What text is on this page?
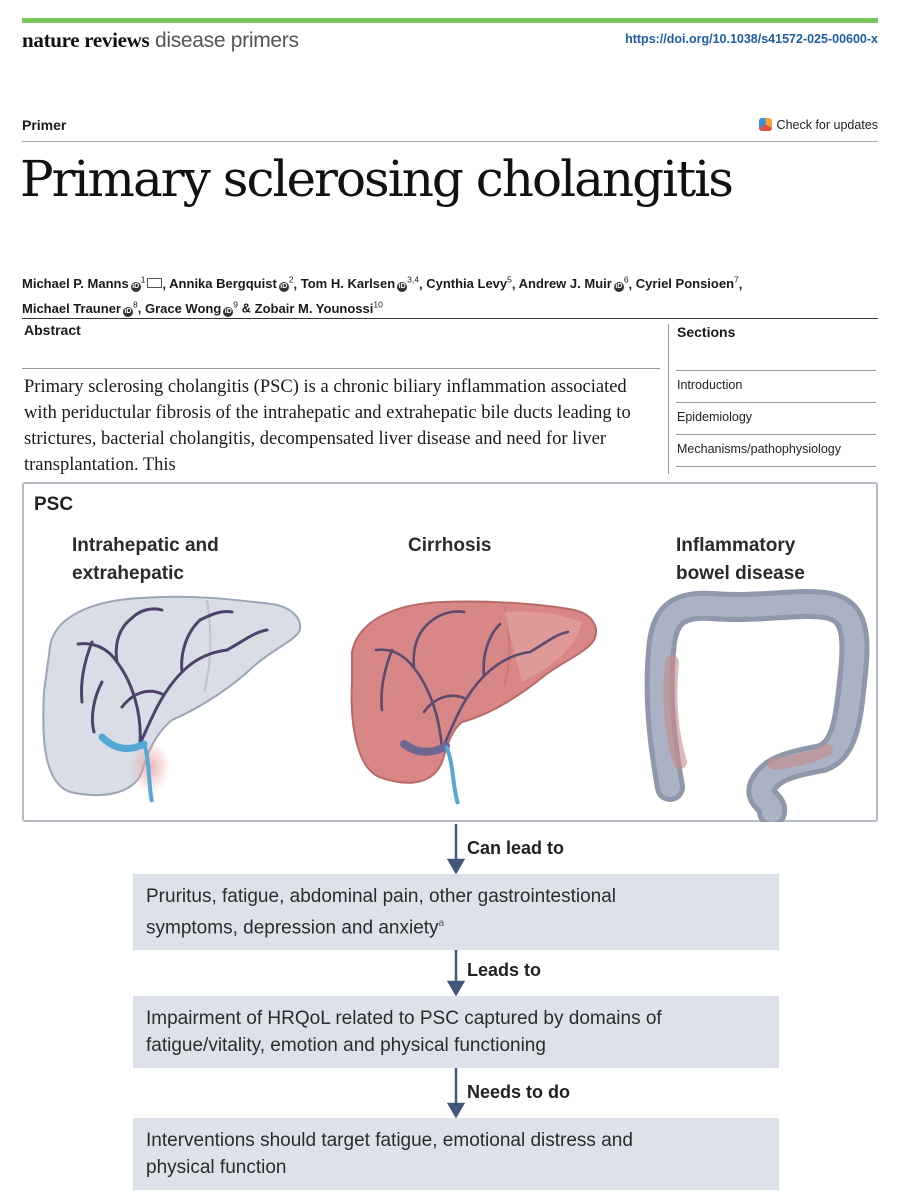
nature reviews disease primers	https://doi.org/10.1038/s41572-025-00600-x
Primer	Check for updates
Primary sclerosing cholangitis
Michael P. Manns $iD^1$ , Annika Bergquist $iD^2$, Tom H. Karlsen iD$^{3,4}$, Cynthia Levy$^5$, Andrew J. Muir $iD^6$, Cyriel Ponsioen$^7$,
Michael Trauner $iD^8$, Grace Wong $iD^9$ & Zobair M. Younossi$^{10}$
Abstract	Sections
Introduction
Epidemiology
Mechanisms/pathophysiology

Primary sclerosing cholangitis (PSC) is a chronic biliary inflammation associated with periductular fibrosis of the intrahepatic and extrahepatic bile ducts leading to strictures, bacterial cholangitis, decompensated liver disease and need for liver transplantation. This

PSC
Intrahepatic and
extrahepatic
Cirrhosis	Inflammatory
bowel disease
Can lead to
Pruritus, fatigue, abdominal pain, other gastrointestional
symptoms, depression and anxiety$^a$
Leads to
Impairment of HRQoL related to PSC captured by domains of
fatigue/vitality, emotion and physical functioning
Needs to do
Interventions should target fatigue, emotional distress and
physical function
